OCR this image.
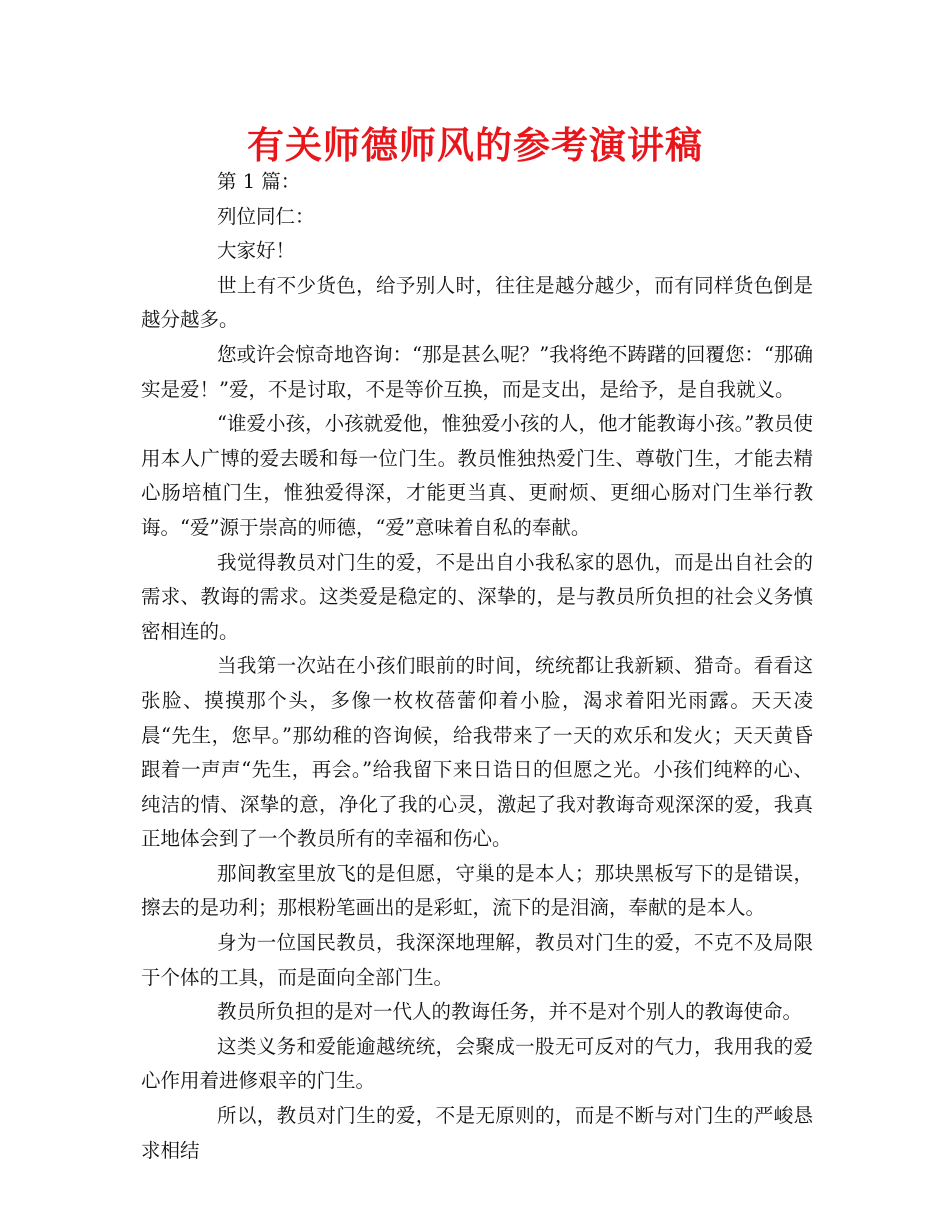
有关师德师风的参考演讲稿

第 1 篇：

列位同仁：

大家好！

世上有不少货色，给予别人时，往往是越分越少，而有同样货色倒是越分越多。

您或许会惊奇地咨询：“那是甚么呢？”我将绝不踌躇的回覆您：“那确实是爱！”爱，不是讨取，不是等价互换，而是支出，是给予，是自我就义。

“谁爱小孩，小孩就爱他，惟独爱小孩的人，他才能教诲小孩。”教员使用本人广博的爱去暖和每一位门生。教员惟独热爱门生、尊敬门生，才能去精心肠培植门生，惟独爱得深，才能更当真、更耐烦、更细心肠对门生举行教诲。“爱”源于崇高的师德，“爱”意味着自私的奉献。

我觉得教员对门生的爱，不是出自小我私家的恩仇，而是出自社会的需求、教诲的需求。这类爱是稳定的、深挚的，是与教员所负担的社会义务慎密相连的。

当我第一次站在小孩们眼前的时间，统统都让我新颖、猎奇。看看这张脸、摸摸那个头，多像一枚枚蓓蕾仰着小脸，渴求着阳光雨露。天天凌晨“先生，您早。”那幼稚的咨询候，给我带来了一天的欢乐和发火；天天黄昏跟着一声声“先生，再会。”给我留下来日诰日的但愿之光。小孩们纯粹的心、纯洁的情、深挚的意，净化了我的心灵，激起了我对教诲奇观深深的爱，我真正地体会到了一个教员所有的幸福和伤心。

那间教室里放飞的是但愿，守巢的是本人；那块黑板写下的是错误，擦去的是功利；那根粉笔画出的是彩虹，流下的是泪滴，奉献的是本人。

身为一位国民教员，我深深地理解，教员对门生的爱，不克不及局限于个体的工具，而是面向全部门生。

教员所负担的是对一代人的教诲任务，并不是对个别人的教诲使命。

这类义务和爱能逾越统统，会聚成一股无可反对的气力，我用我的爱心作用着进修艰辛的门生。

所以，教员对门生的爱，不是无原则的，而是不断与对门生的严峻恳求相结
